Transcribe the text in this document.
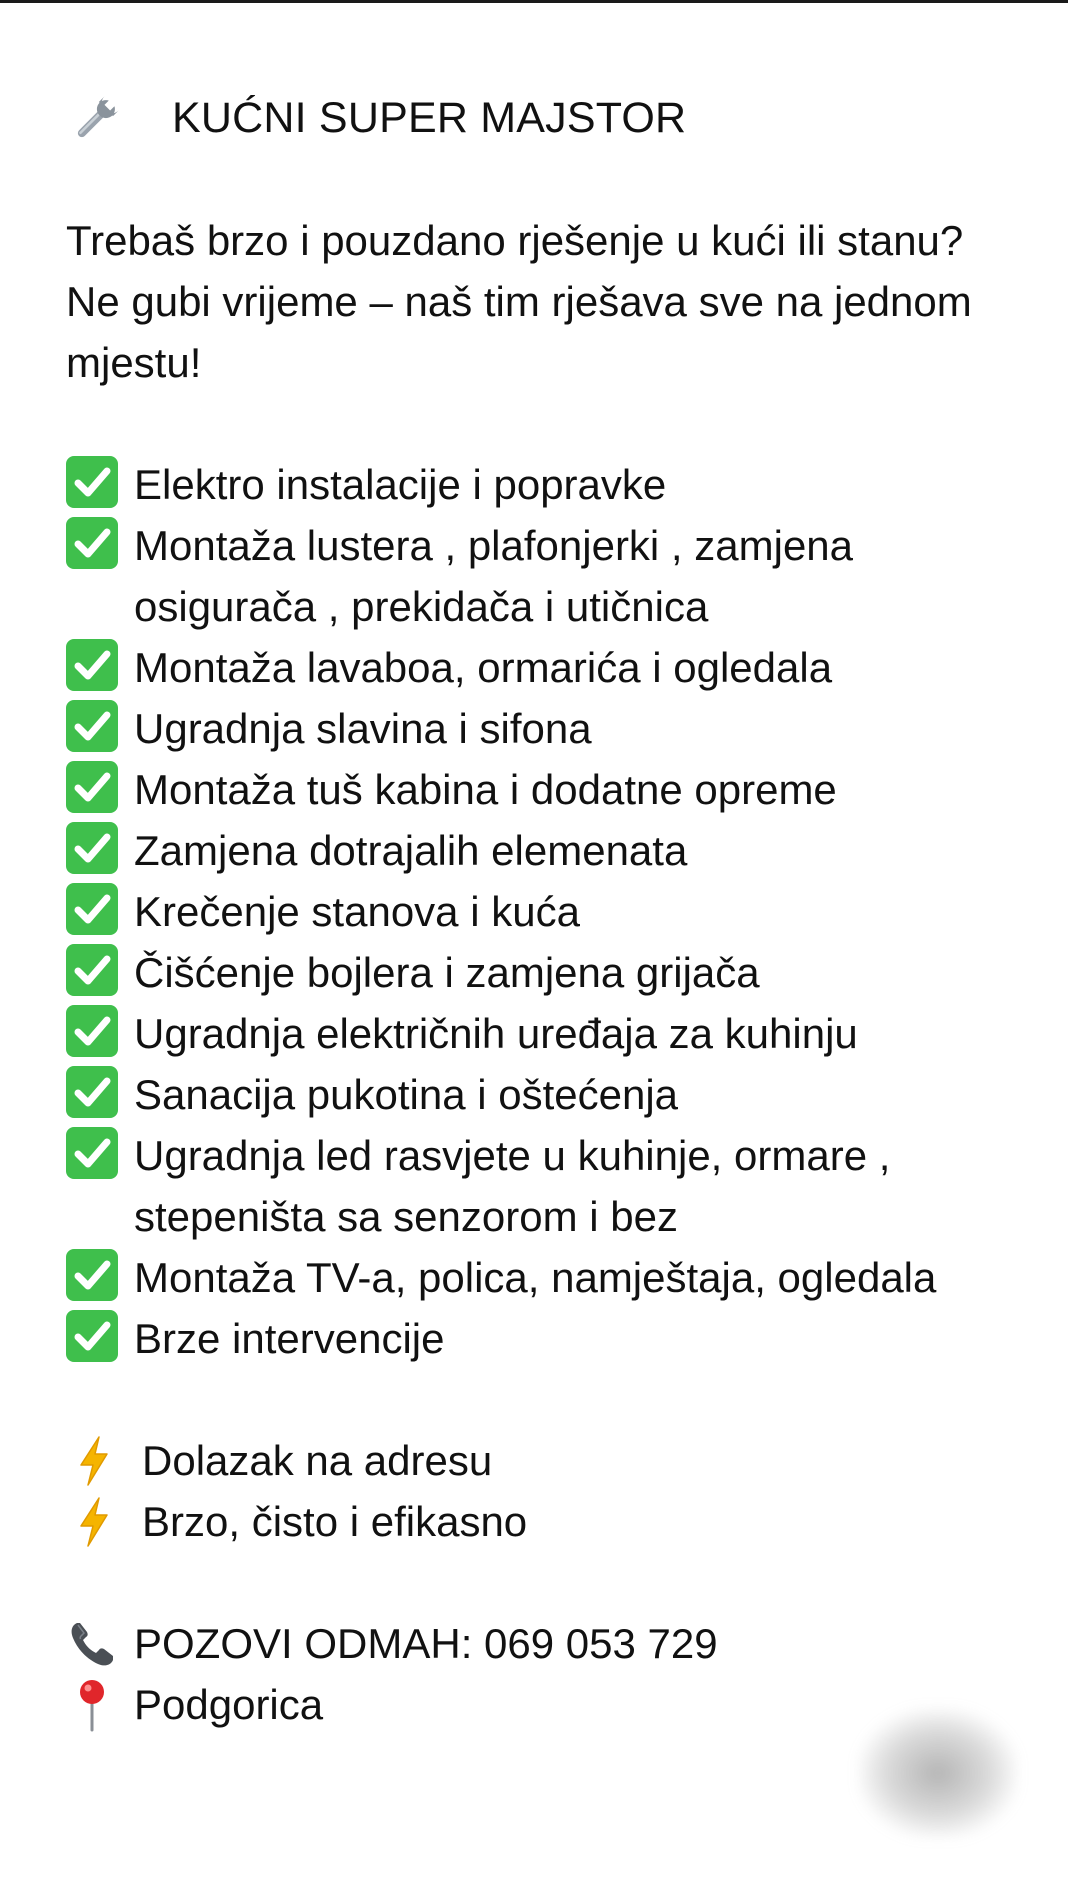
KUĆNI SUPER MAJSTOR

Trebaš brzo i pouzdano rješenje u kući ili stanu?

Ne gubi vrijeme – naš tim rješava sve na jednom mjestu!

Elektro instalacije i popravke
Montaža lustera , plafonjerki , zamjena osigurača , prekidača i utičnica
Montaža lavaboa, ormarića i ogledala
Ugradnja slavina i sifona
Montaža tuš kabina i dodatne opreme
Zamjena dotrajalih elemenata
Krečenje stanova i kuća
Čišćenje bojlera i zamjena grijača
Ugradnja električnih uređaja za kuhinju
Sanacija pukotina i oštećenja
Ugradnja led rasvjete u kuhinje, ormare , stepeništa sa senzorom i bez
Montaža TV-a, polica, namještaja, ogledala
Brze intervencije
Dolazak na adresu
Brzo, čisto i efikasno
POZOVI ODMAH: 069 053 729
Podgorica
